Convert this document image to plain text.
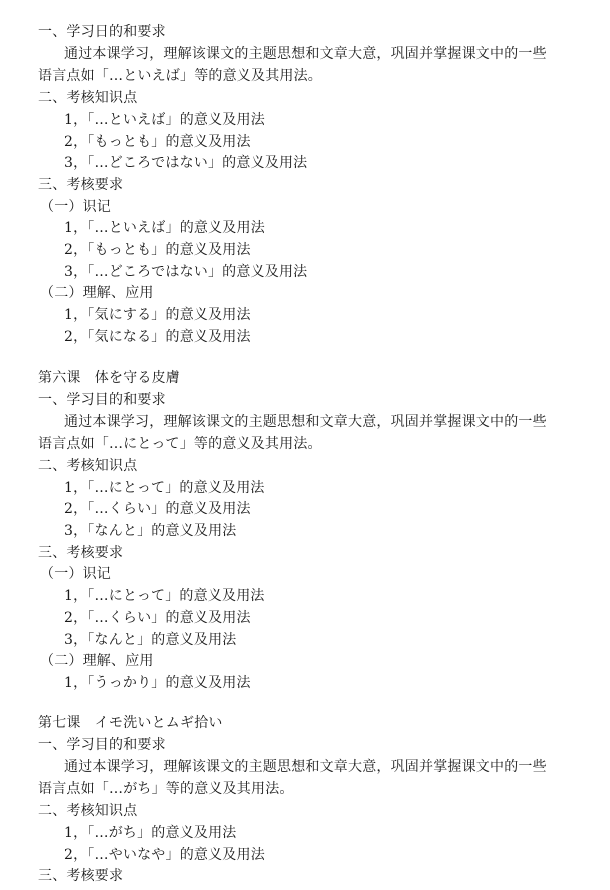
一、学习日的和要求
通过本课学习，理解该课文的主题思想和文章大意，巩固并掌握课文中的一些
语言点如「…といえば」等的意义及其用法。
二、考核知识点
1，「…といえば」的意义及用法
2，「もっとも」的意义及用法
3，「…どころではない」的意义及用法
三、考核要求
（一）识记
1，「…といえば」的意义及用法
2，「もっとも」的意义及用法
3，「…どころではない」的意义及用法
（二）理解、应用
1，「気にする」的意义及用法
2，「気になる」的意义及用法
第六课　体を守る皮膚
一、学习目的和要求
通过本课学习，理解该课文的主题思想和文章大意，巩固并掌握课文中的一些
语言点如「…にとって」等的意义及其用法。
二、考核知识点
1，「…にとって」的意义及用法
2，「…くらい」的意义及用法
3，「なんと」的意义及用法
三、考核要求
（一）识记
1，「…にとって」的意义及用法
2，「…くらい」的意义及用法
3，「なんと」的意义及用法
（二）理解、应用
1，「うっかり」的意义及用法
第七课　イモ洗いとムギ拾い
一、学习目的和要求
通过本课学习，理解该课文的主题思想和文章大意，巩固并掌握课文中的一些
语言点如「…がち」等的意义及其用法。
二、考核知识点
1，「…がち」的意义及用法
2，「…やいなや」的意义及用法
三、考核要求
